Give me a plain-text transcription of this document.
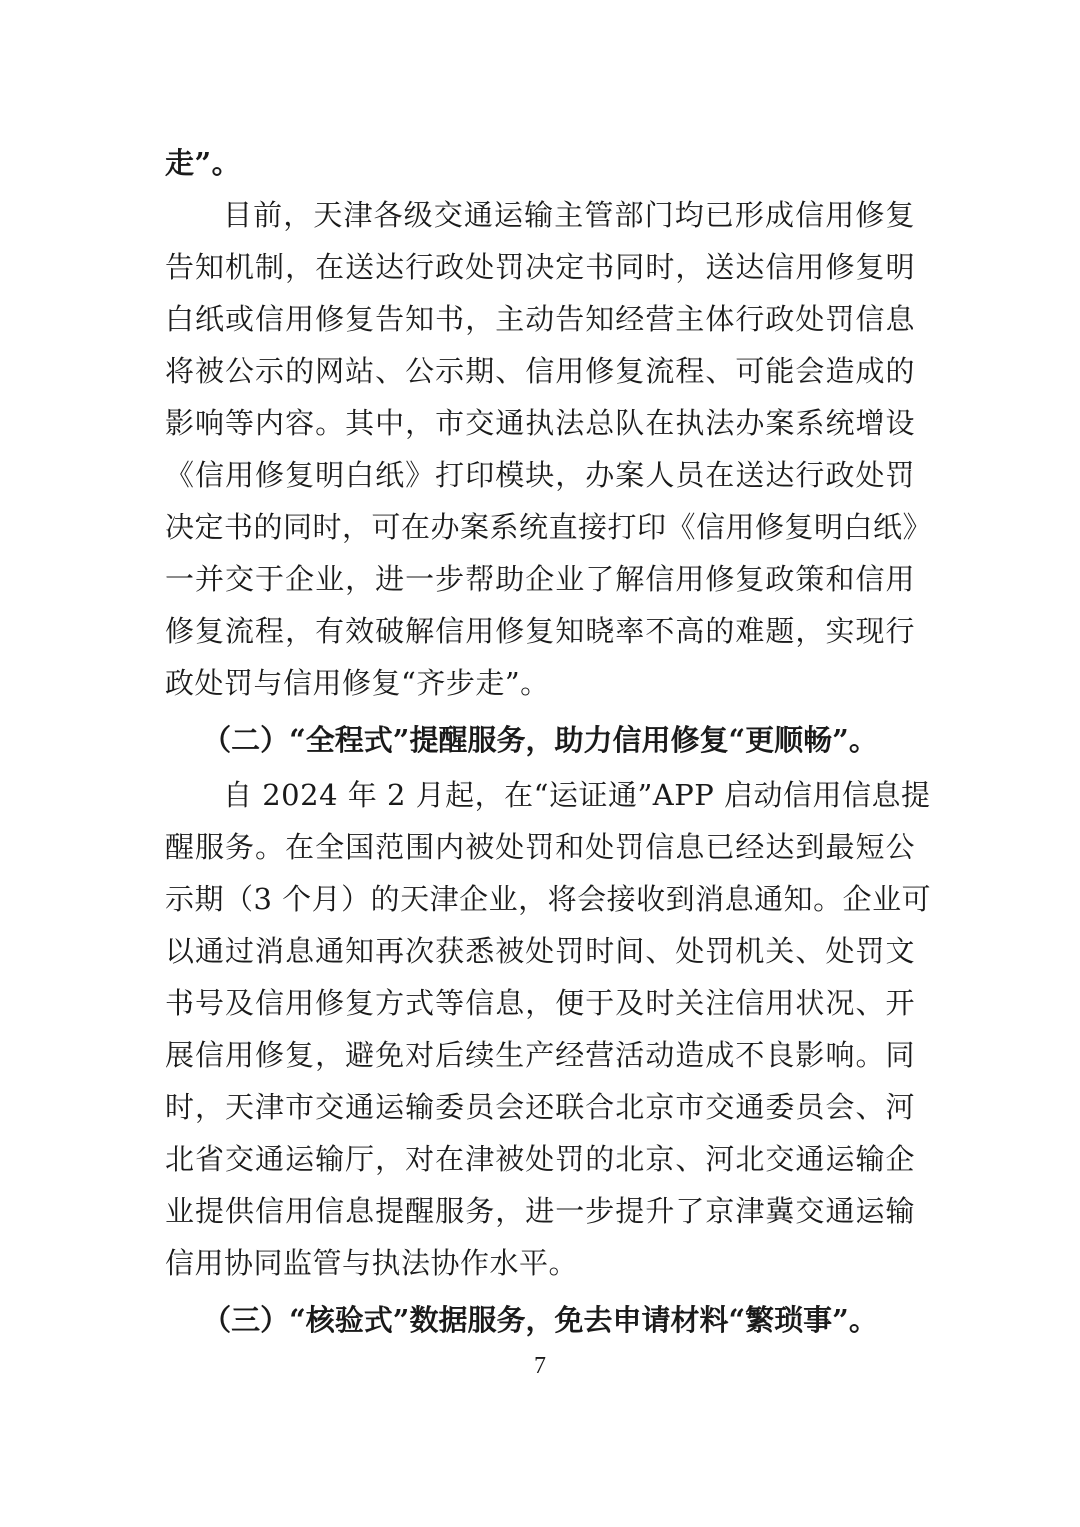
走”。

目前，天津各级交通运输主管部门均已形成信用修复

告知机制，在送达行政处罚决定书同时，送达信用修复明

白纸或信用修复告知书，主动告知经营主体行政处罚信息

将被公示的网站、公示期、信用修复流程、可能会造成的

影响等内容。其中，市交通执法总队在执法办案系统增设

《信用修复明白纸》打印模块，办案人员在送达行政处罚

决定书的同时，可在办案系统直接打印《信用修复明白纸》

一并交于企业，进一步帮助企业了解信用修复政策和信用

修复流程，有效破解信用修复知晓率不高的难题，实现行

政处罚与信用修复“齐步走”。

（二）“全程式”提醒服务，助力信用修复“更顺畅”。

自 2024 年 2 月起，在“运证通”APP 启动信用信息提

醒服务。在全国范围内被处罚和处罚信息已经达到最短公

示期（3 个月）的天津企业，将会接收到消息通知。企业可

以通过消息通知再次获悉被处罚时间、处罚机关、处罚文

书号及信用修复方式等信息，便于及时关注信用状况、开

展信用修复，避免对后续生产经营活动造成不良影响。同

时，天津市交通运输委员会还联合北京市交通委员会、河

北省交通运输厅，对在津被处罚的北京、河北交通运输企

业提供信用信息提醒服务，进一步提升了京津冀交通运输

信用协同监管与执法协作水平。

（三）“核验式”数据服务，免去申请材料“繁琐事”。
7
